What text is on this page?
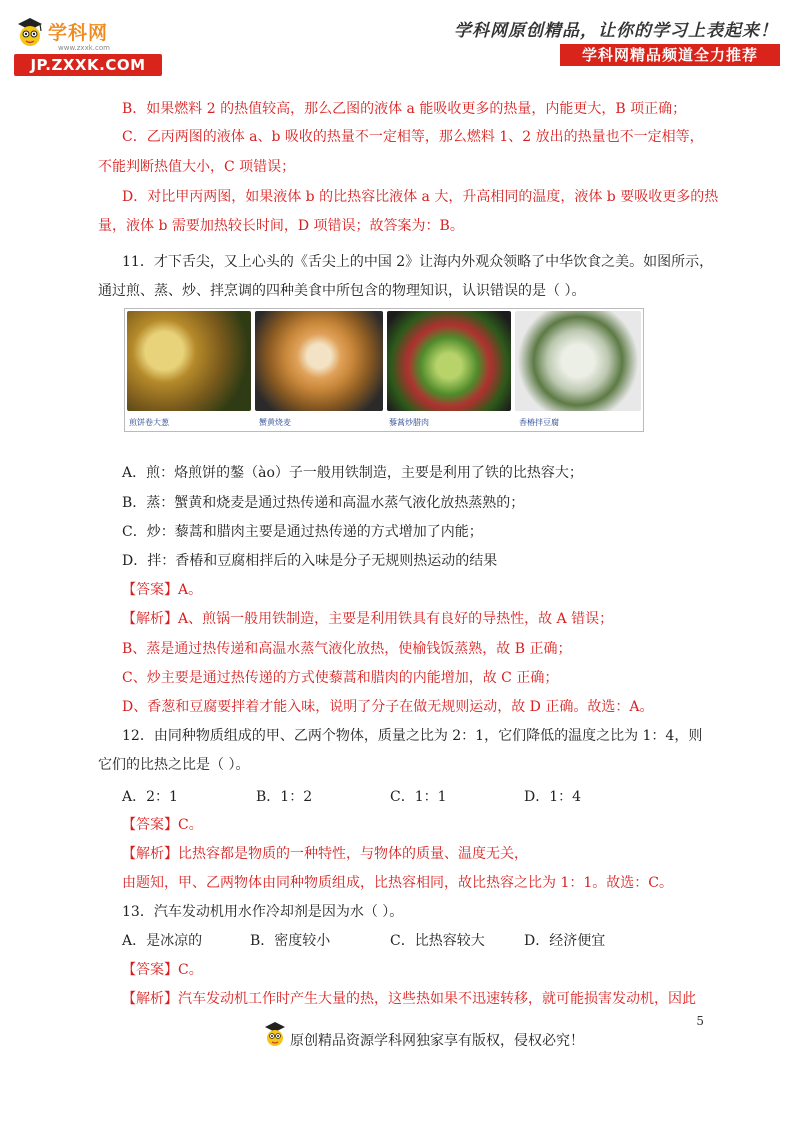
学科网
www.zxxk.com
JP.ZXXK.COM
学科网原创精品，让你的学习上表起来！
学科网精品频道全力推荐
B．如果燃料 2 的热值较高，那么乙图的液体 a 能吸收更多的热量，内能更大，B 项正确；
C．乙丙两图的液体 a、b 吸收的热量不一定相等，那么燃料 1、2 放出的热量也不一定相等，
不能判断热值大小，C 项错误；
D．对比甲丙两图，如果液体 b 的比热容比液体 a 大，升高相同的温度，液体 b 要吸收更多的热
量，液体 b 需要加热较长时间，D 项错误；故答案为：B。
11．才下舌尖，又上心头的《舌尖上的中国 2》让海内外观众领略了中华饮食之美。如图所示，
通过煎、蒸、炒、拌烹调的四种美食中所包含的物理知识，认识错误的是（ ）。
煎饼卷大葱	蟹黄烧麦	藜蒿炒腊肉	香椿拌豆腐
A．煎：烙煎饼的鏊（ào）子一般用铁制造，主要是利用了铁的比热容大；
B．蒸：蟹黄和烧麦是通过热传递和高温水蒸气液化放热蒸熟的；
C．炒：藜蒿和腊肉主要是通过热传递的方式增加了内能；
D．拌：香椿和豆腐相拌后的入味是分子无规则热运动的结果
【答案】A。
【解析】A、煎锅一般用铁制造，主要是利用铁具有良好的导热性，故 A 错误；
B、蒸是通过热传递和高温水蒸气液化放热，使榆钱饭蒸熟，故 B 正确；
C、炒主要是通过热传递的方式使藜蒿和腊肉的内能增加，故 C 正确；
D、香葱和豆腐要拌着才能入味，说明了分子在做无规则运动，故 D 正确。故选：A。
12．由同种物质组成的甲、乙两个物体，质量之比为 2：1，它们降低的温度之比为 1：4，则
它们的比热之比是（ ）。
A．2：1	B．1：2	C．1：1	D．1：4
【答案】C。
【解析】比热容都是物质的一种特性，与物体的质量、温度无关，
由题知，甲、乙两物体由同种物质组成，比热容相同，故比热容之比为 1：1。故选：C。
13．汽车发动机用水作冷却剂是因为水（ ）。
A．是冰凉的	B．密度较小	C．比热容较大	D．经济便宜
【答案】C。
【解析】汽车发动机工作时产生大量的热，这些热如果不迅速转移，就可能损害发动机，因此
5
原创精品资源学科网独家享有版权，侵权必究！
